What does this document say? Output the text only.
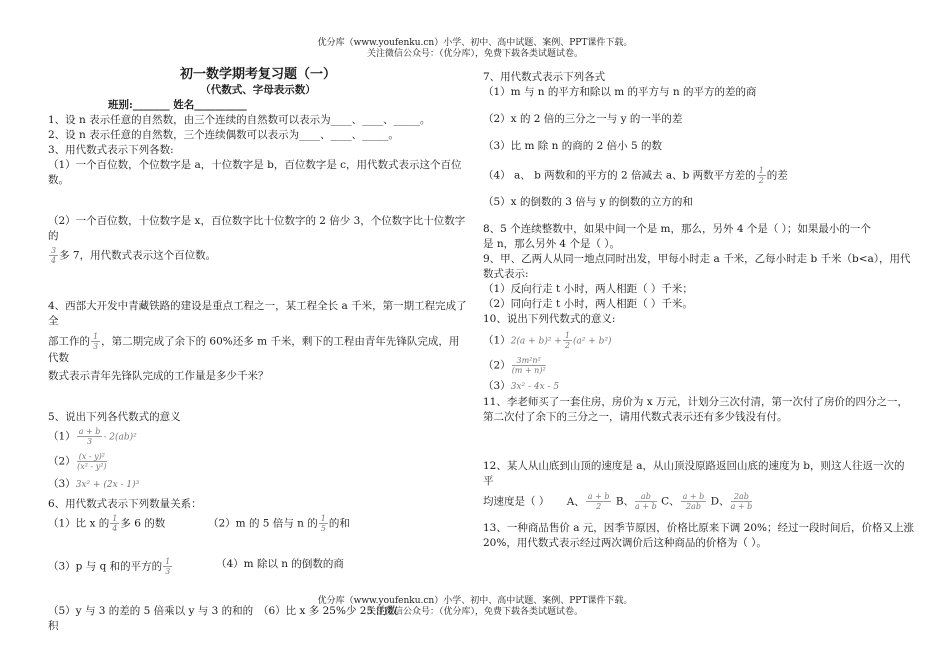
优分库（www.youfenku.cn）小学、初中、高中试题、案例、PPT课件下载。
关注微信公众号：（优分库），免费下载各类试题试卷。
初一数学期考复习题（一）
（代数式、字母表示数）
班别:_______ 姓名__________

1、设 n 表示任意的自然数，由三个连续的自然数可以表示为____、____、_____。

2、设 n 表示任意的自然数，三个连续偶数可以表示为____、____、_____。

3、用代数式表示下列各数:

（1）一个百位数，个位数字是 a，十位数字是 b，百位数字是 c，用代数式表示这个百位数。

（2）一个百位数，十位数字是 x，百位数字比十位数字的 2 倍少 3，个位数字比十位数字的

$\frac{3}{4}$ 多 7，用代数式表示这个百位数。

4、西部大开发中青藏铁路的建设是重点工程之一，某工程全长 a 千米，第一期工程完成了全

部工作的 $\frac{1}{3}$ ，第二期完成了余下的 60%还多 m 千米，剩下的工程由青年先锋队完成，用代数

数式表示青年先锋队完成的工作量是多少千米？

5、说出下列各代数式的意义

$(1) \frac{a + b}{3} - 2(ab)^2$

$(2) \frac{\text{(x - y)²}}{\text{(x² - y²)}}$

（3）3x² + (2x - 1)³

6、用代数式表示下列数量关系：

（1）比 x 的 $\frac{1}{4}$ 多 6 的数	（2）m 的 5 倍与 n 的 $\frac{1}{5}$ 的和
（3）p 与 q 和的平方的 $\frac{1}{3}$	（4）m 除以 n 的倒数的商
（5）y 与 3 的差的 5 倍乘以 y 与 3 的和的积
（6）比 x 多 25%少 25 的数

7、用代数式表示下列各式

（1）m 与 n 的平方和除以 m 的平方与 n 的平方的差的商

（2）x 的 2 倍的三分之一与 y 的一半的差

（3）比 m 除 n 的商的 2 倍小 5 的数

（4） a、 b 两数和的平方的 2 倍减去 a、b 两数平方差的 $\frac{1}{2}$ 的差

（5）x 的倒数的 3 倍与 y 的倒数的立方的和

8、5 个连续整数中，如果中间一个是 m，那么，另外 4 个是（ ）；如果最小的一个

是 n，那么另外 4 个是（ ）。

9、甲、乙两人从同一地点同时出发，甲每小时走 a 千米，乙每小时走 b 千米（b<a），用代

数式表示:

（1）反向行走 t 小时，两人相距（ ）千米；

（2）同向行走 t 小时，两人相距（ ）千米。

10、说出下列代数式的意义:

$(1)2(a + b)^2 + \frac{1}{2} (a^2 + b^2)$

$(2) \frac{\text{3m²n²}}{\text{(m + n)²}}$

（3）3x² - 4x - 5

11、李老师买了一套住房，房价为 x 万元，计划分三次付清，第一次付了房价的四分之一，

第二次付了余下的三分之一，请用代数式表示还有多少钱没有付。

12、某人从山底到山顶的速度是 a，从山顶没原路返回山底的速度为 b，则这人往返一次的平

均速度是（ ） A、 $\frac{a + b}{2}$ B、 $\frac{ab}{a + b}$ C、 $\frac{a + b}{2ab}$ D、 $\frac{2ab}{a + b}$

13、一种商品售价 a 元，因季节原因，价格比原来下调 20%；经过一段时间后，价格又上涨

20%，用代数式表示经过两次调价后这种商品的价格为（ ）。

优分库（www.youfenku.cn）小学、初中、高中试题、案例、PPT课件下载。
关注微信公众号：（优分库），免费下载各类试题试卷。
